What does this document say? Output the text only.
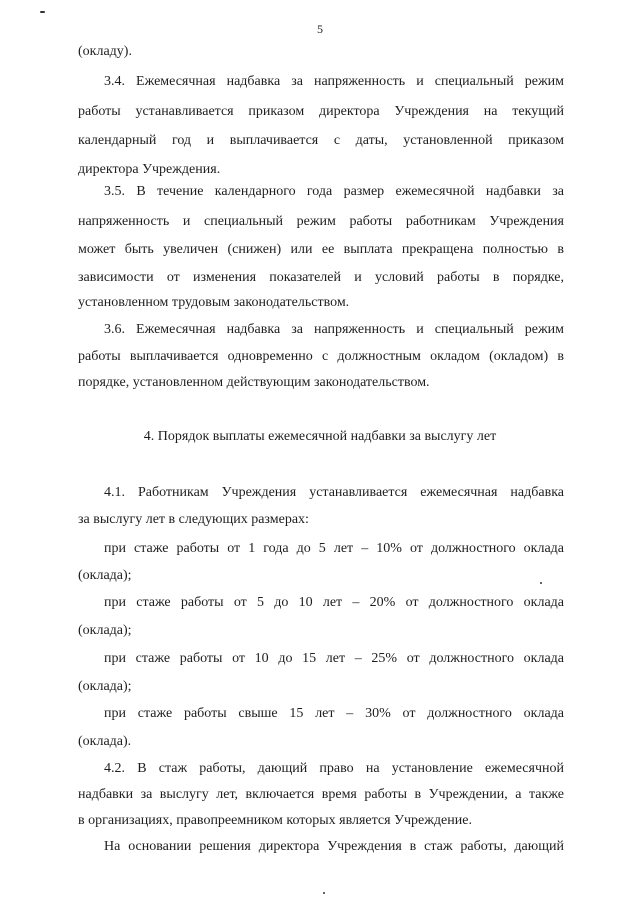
5
(окладу).
3.4. Ежемесячная надбавка за напряженность и специальный режим
работы устанавливается приказом директора Учреждения на текущий
календарный год и выплачивается с даты, установленной приказом
директора Учреждения.
3.5. В течение календарного года размер ежемесячной надбавки за
напряженность и специальный режим работы работникам Учреждения
может быть увеличен (снижен) или ее выплата прекращена полностью в
зависимости от изменения показателей и условий работы в порядке,
установленном трудовым законодательством.
3.6. Ежемесячная надбавка за напряженность и специальный режим
работы выплачивается одновременно с должностным окладом (окладом) в
порядке, установленном действующим законодательством.
4. Порядок выплаты ежемесячной надбавки за выслугу лет
4.1. Работникам Учреждения устанавливается ежемесячная надбавка
за выслугу лет в следующих размерах:
при стаже работы от 1 года до 5 лет – 10% от должностного оклада
(оклада);
при стаже работы от 5 до 10 лет – 20% от должностного оклада
(оклада);
при стаже работы от 10 до 15 лет – 25% от должностного оклада
(оклада);
при стаже работы свыше 15 лет – 30% от должностного оклада
(оклада).
4.2. В стаж работы, дающий право на установление ежемесячной
надбавки за выслугу лет, включается время работы в Учреждении, а также
в организациях, правопреемником которых является Учреждение.
На основании решения директора Учреждения в стаж работы, дающий
